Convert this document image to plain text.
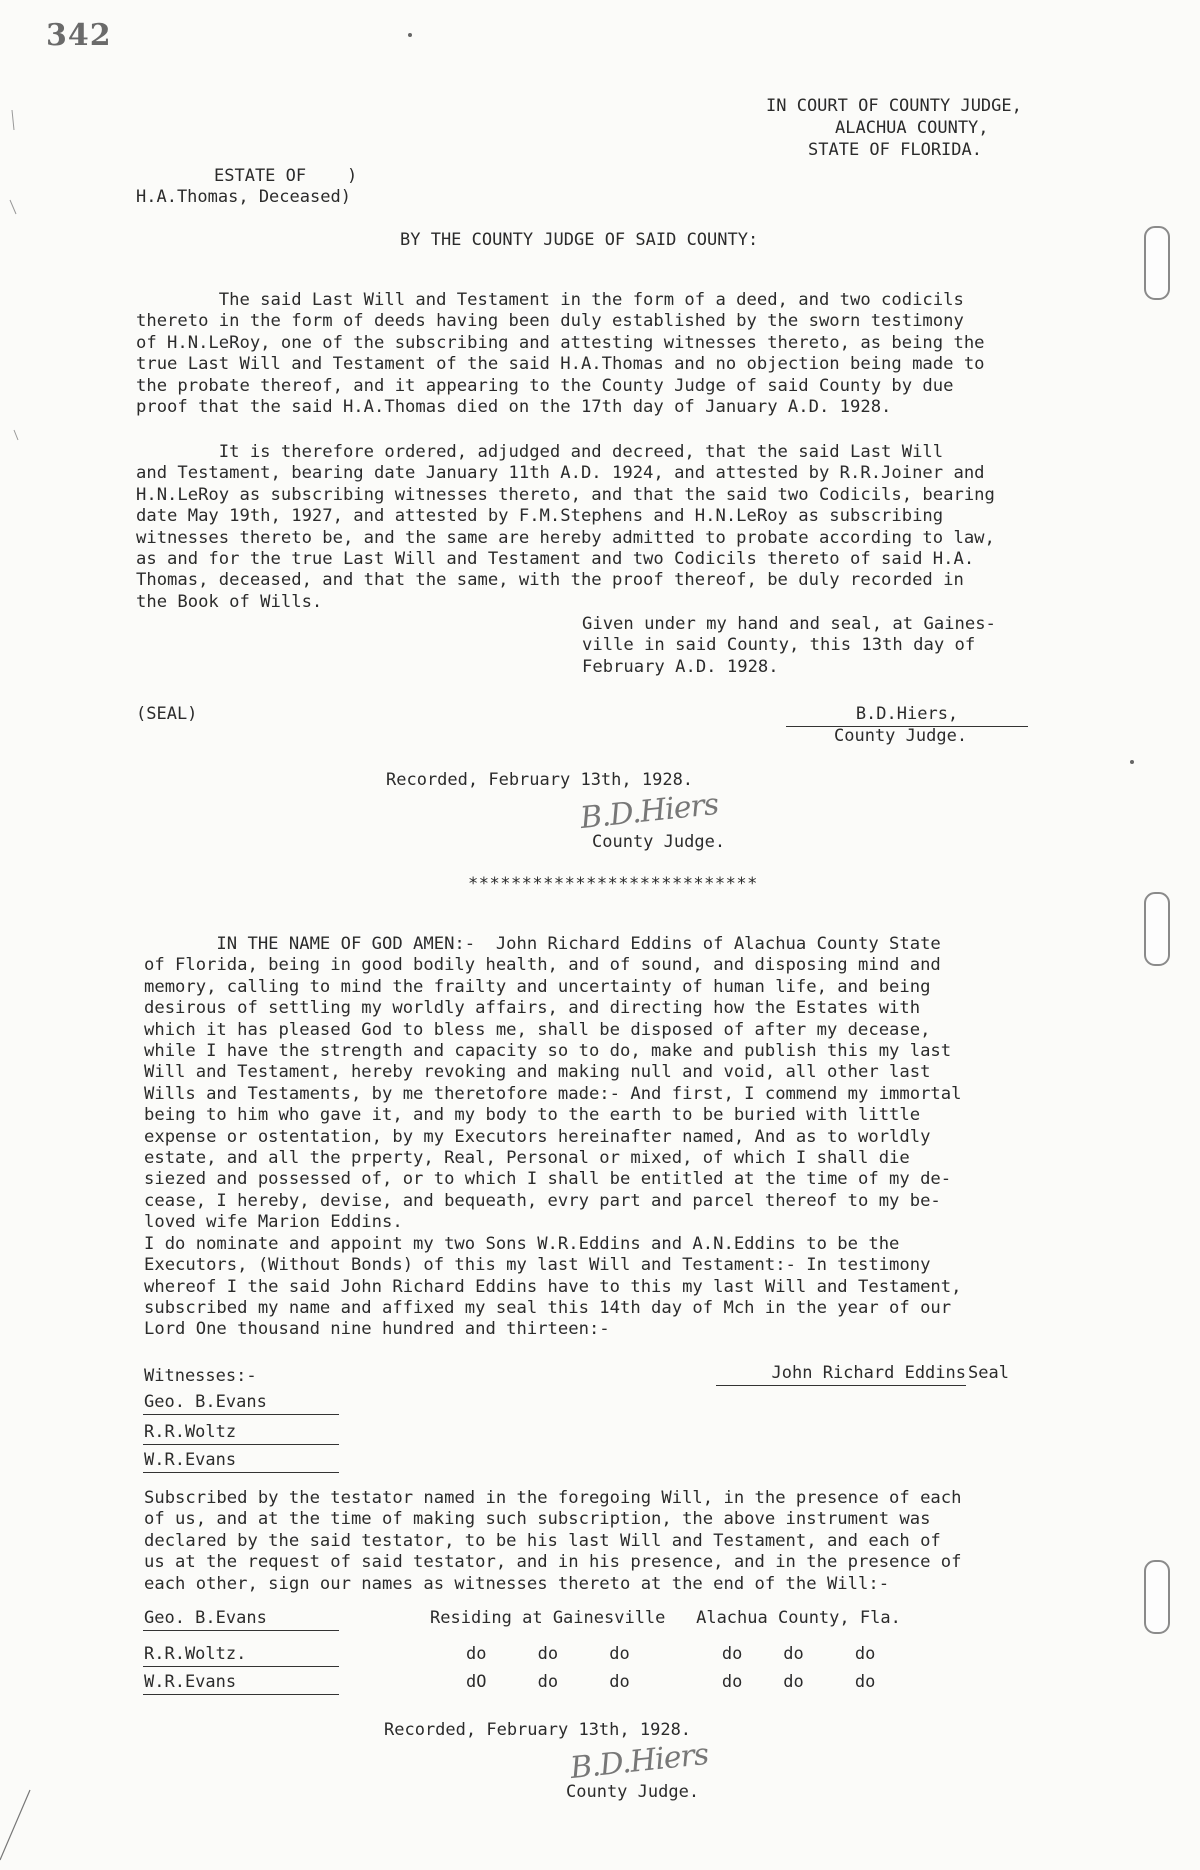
342
IN COURT OF COUNTY JUDGE,
ALACHUA COUNTY,
STATE OF FLORIDA.
ESTATE OF    )
H.A.Thomas, Deceased)
BY THE COUNTY JUDGE OF SAID COUNTY:
The said Last Will and Testament in the form of a deed, and two codicils
thereto in the form of deeds having been duly established by the sworn testimony
of H.N.LeRoy, one of the subscribing and attesting witnesses thereto, as being the
true Last Will and Testament of the said H.A.Thomas and no objection being made to
the probate thereof, and it appearing to the County Judge of said County by due
proof that the said H.A.Thomas died on the 17th day of January A.D. 1928.
It is therefore ordered, adjudged and decreed, that the said Last Will
and Testament, bearing date January 11th A.D. 1924, and attested by R.R.Joiner and
H.N.LeRoy as subscribing witnesses thereto, and that the said two Codicils, bearing
date May 19th, 1927, and attested by F.M.Stephens and H.N.LeRoy as subscribing
witnesses thereto be, and the same are hereby admitted to probate according to law,
as and for the true Last Will and Testament and two Codicils thereto of said H.A.
Thomas, deceased, and that the same, with the proof thereof, be duly recorded in
the Book of Wills.
Given under my hand and seal, at Gaines-
ville in said County, this 13th day of
February A.D. 1928.
(SEAL)	B.D.Hiers,
County Judge.
Recorded, February 13th, 1928.
B.D.Hiers
County Judge.
***************************
IN THE NAME OF GOD AMEN:-  John Richard Eddins of Alachua County State
of Florida, being in good bodily health, and of sound, and disposing mind and
memory, calling to mind the frailty and uncertainty of human life, and being
desirous of settling my worldly affairs, and directing how the Estates with
which it has pleased God to bless me, shall be disposed of after my decease,
while I have the strength and capacity so to do, make and publish this my last
Will and Testament, hereby revoking and making null and void, all other last
Wills and Testaments, by me theretofore made:- And first, I commend my immortal
being to him who gave it, and my body to the earth to be buried with little
expense or ostentation, by my Executors hereinafter named, And as to worldly
estate, and all the prperty, Real, Personal or mixed, of which I shall die
siezed and possessed of, or to which I shall be entitled at the time of my de-
cease, I hereby, devise, and bequeath, evry part and parcel thereof to my be-
loved wife Marion Eddins.
I do nominate and appoint my two Sons W.R.Eddins and A.N.Eddins to be the
Executors, (Without Bonds) of this my last Will and Testament:- In testimony
whereof I the said John Richard Eddins have to this my last Will and Testament,
subscribed my name and affixed my seal this 14th day of Mch in the year of our
Lord One thousand nine hundred and thirteen:-
Witnesses:-	John Richard Eddins Seal
Geo. B.Evans
R.R.Woltz
W.R.Evans
Subscribed by the testator named in the foregoing Will, in the presence of each
of us, and at the time of making such subscription, the above instrument was
declared by the said testator, to be his last Will and Testament, and each of
us at the request of said testator, and in his presence, and in the presence of
each other, sign our names as witnesses thereto at the end of the Will:-
Geo. B.Evans	Residing at Gainesville   Alachua County, Fla.
R.R.Woltz.	do     do     do         do    do     do
W.R.Evans	dO     do     do         do    do     do
Recorded, February 13th, 1928.
B.D.Hiers
County Judge.
